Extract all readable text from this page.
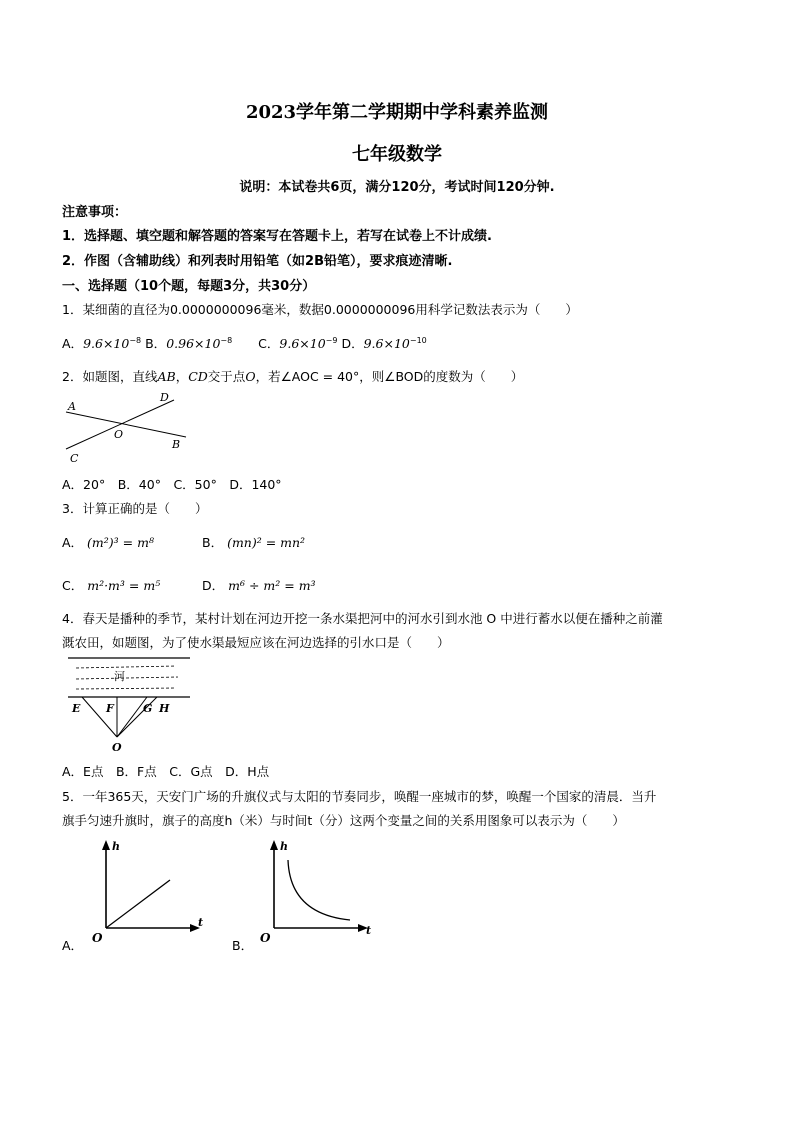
2023学年第二学期期中学科素养监测
七年级数学
说明：本试卷共6页，满分120分，考试时间120分钟.
注意事项：
1．选择题、填空题和解答题的答案写在答题卡上，若写在试卷上不计成绩.
2．作图（含辅助线）和列表时用铅笔（如2B铅笔），要求痕迹清晰.
一、选择题（10个题，每题3分，共30分）
1．某细菌的直径为0.0000000096毫米，数据0.0000000096用科学记数法表示为（　　）
A．$9.6\times 10^{-8}$ B．$0.96\times 10^{-8}$ C．$9.6\times 10^{-9}$ D．$9.6\times 10^{-10}$
2．如题图，直线AB，CD交于点O，若∠AOC = 40°，则∠BOD的度数为（　　）
A
D
O
B
C
A．20°　B．40°　C．50°　D．140°
3．计算正确的是（　　）
A． (m²)³ = m⁸	B． (mn)² = mn²
C． m²·m³ = m⁵	D． m⁶ ÷ m² = m³
4．春天是播种的季节，某村计划在河边开挖一条水渠把河中的河水引到水池 O 中进行蓄水以便在播种之前灌
溉农田，如题图，为了使水渠最短应该在河边选择的引水口是（　　）
河
E F	G H
O
A．E点　B．F点　C．G点　D．H点
5．一年365天，天安门广场的升旗仪式与太阳的节奏同步，唤醒一座城市的梦，唤醒一个国家的清晨．当升
旗手匀速升旗时，旗子的高度h（米）与时间t（分）这两个变量之间的关系用图象可以表示为（　　）
h
t
O
A．
h
t
O
B．
